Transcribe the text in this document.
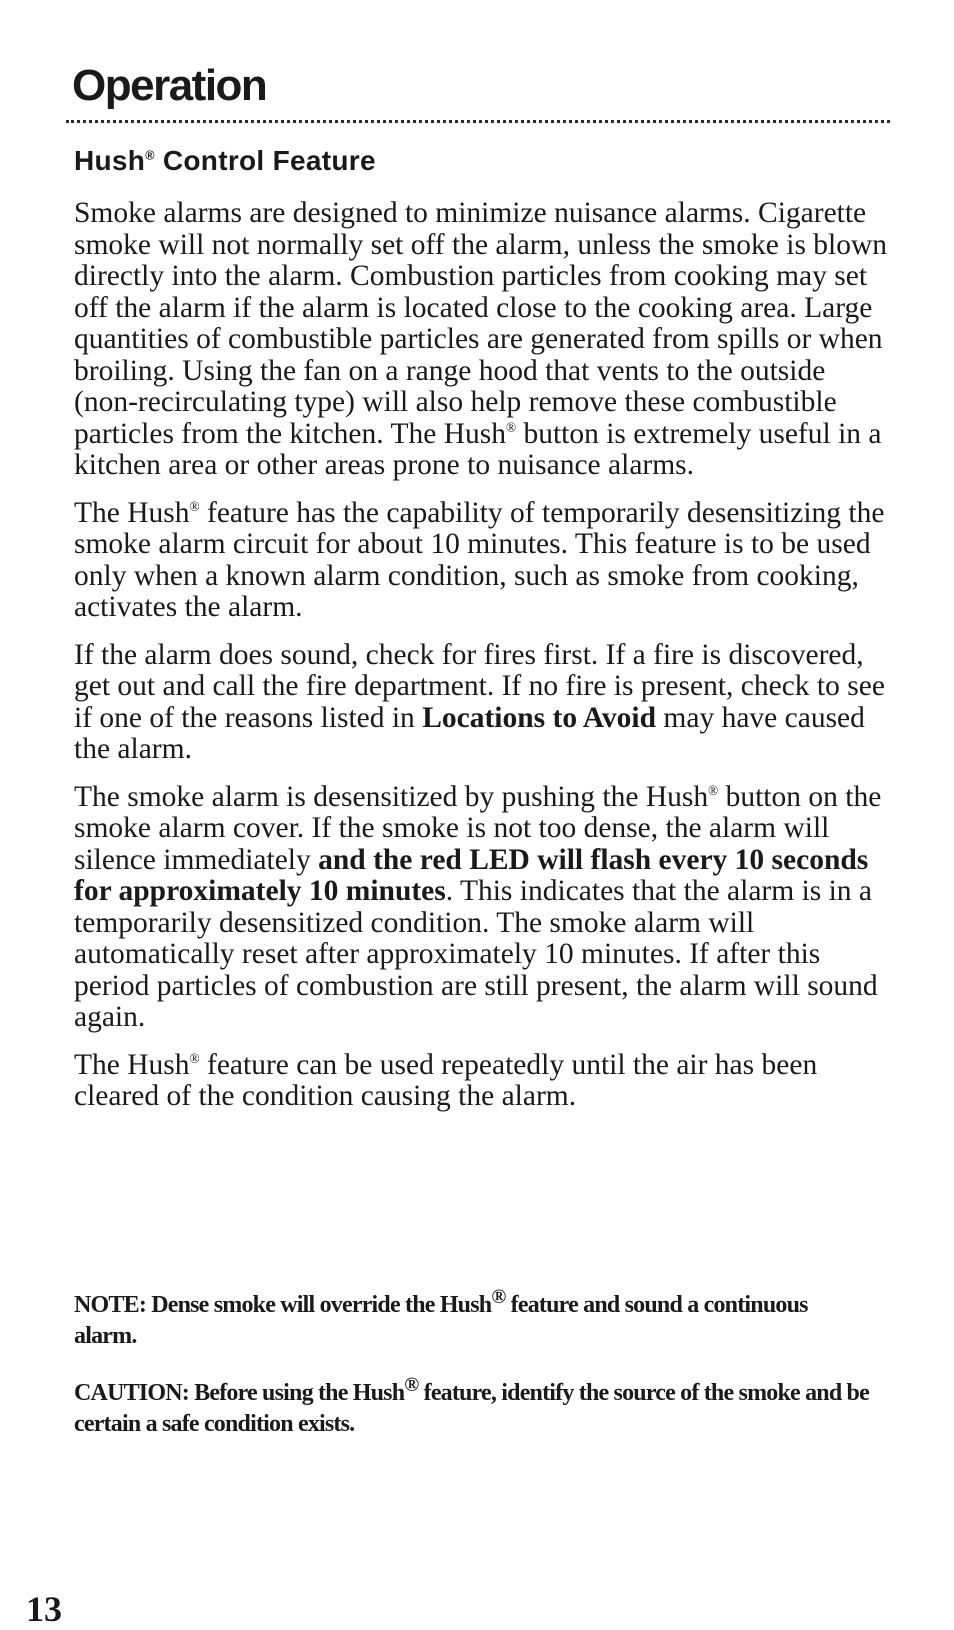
Operation
Hush® Control Feature

Smoke alarms are designed to minimize nuisance alarms. Cigarette smoke will not normally set off the alarm, unless the smoke is blown directly into the alarm. Combustion particles from cooking may set off the alarm if the alarm is located close to the cooking area. Large quantities of combustible particles are generated from spills or when broiling. Using the fan on a range hood that vents to the outside (non-recirculating type) will also help remove these combustible particles from the kitchen. The Hush® button is extremely useful in a kitchen area or other areas prone to nuisance alarms.

The Hush® feature has the capability of temporarily desensitizing the smoke alarm circuit for about 10 minutes. This feature is to be used only when a known alarm condition, such as smoke from cooking, activates the alarm.

If the alarm does sound, check for fires first. If a fire is discovered, get out and call the fire department. If no fire is present, check to see if one of the reasons listed in Locations to Avoid may have caused the alarm.

The smoke alarm is desensitized by pushing the Hush® button on the smoke alarm cover. If the smoke is not too dense, the alarm will silence immediately and the red LED will flash every 10 seconds for approximately 10 minutes. This indicates that the alarm is in a temporarily desensitized condition. The smoke alarm will automatically reset after approximately 10 minutes. If after this period particles of combustion are still present, the alarm will sound again.

The Hush® feature can be used repeatedly until the air has been cleared of the condition causing the alarm.

NOTE: Dense smoke will override the Hush® feature and sound a continuous alarm.

CAUTION: Before using the Hush® feature, identify the source of the smoke and be certain a safe condition exists.

13
